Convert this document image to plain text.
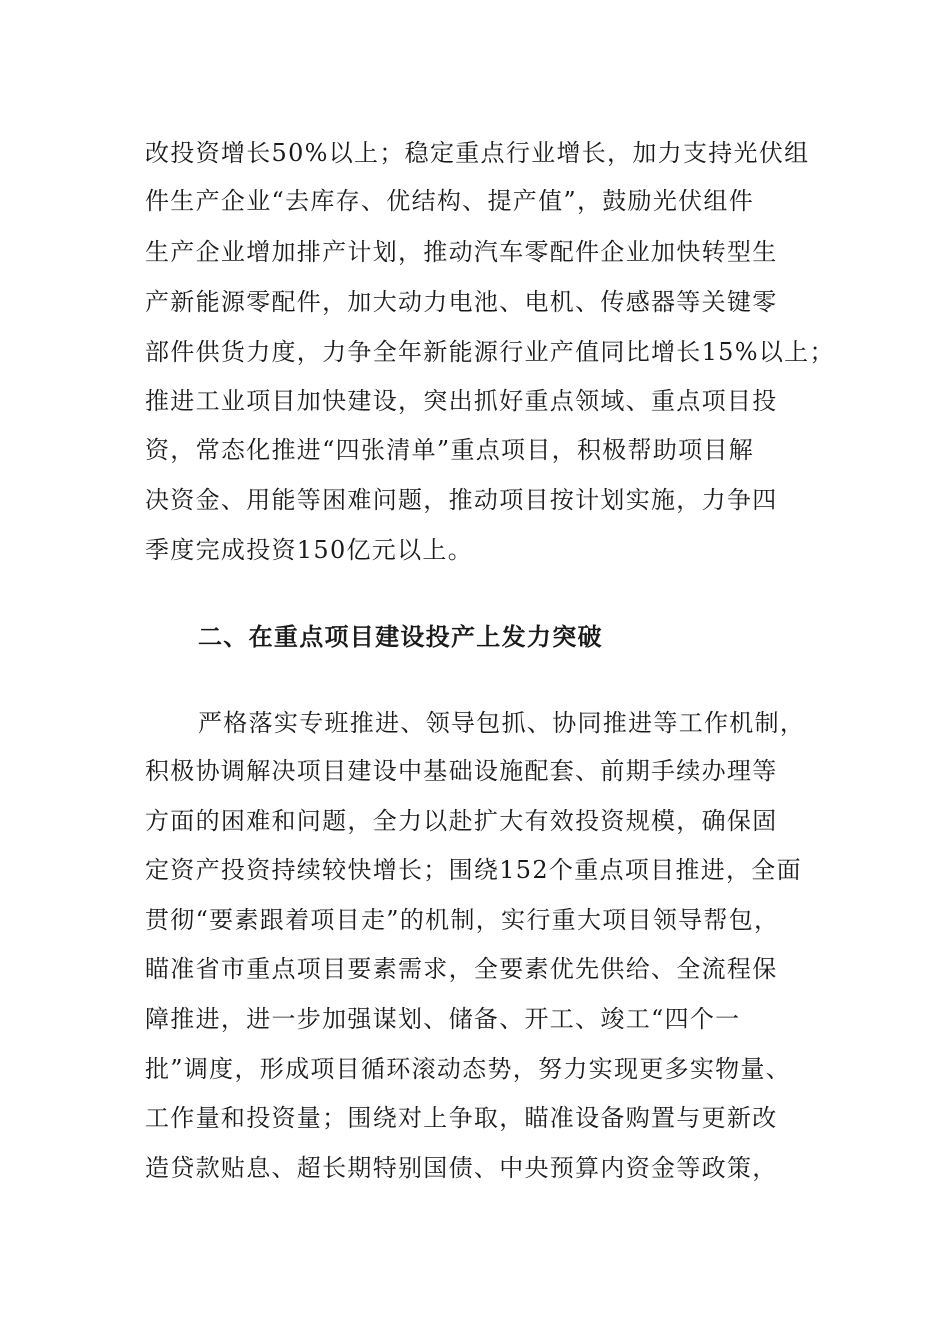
改投资增长50%以上；稳定重点行业增长，加力支持光伏组
件生产企业“去库存、优结构、提产值”，鼓励光伏组件
生产企业增加排产计划，推动汽车零配件企业加快转型生
产新能源零配件，加大动力电池、电机、传感器等关键零
部件供货力度，力争全年新能源行业产值同比增长15%以上；
推进工业项目加快建设，突出抓好重点领域、重点项目投
资，常态化推进“四张清单”重点项目，积极帮助项目解
决资金、用能等困难问题，推动项目按计划实施，力争四
季度完成投资150亿元以上。
二、在重点项目建设投产上发力突破
严格落实专班推进、领导包抓、协同推进等工作机制，
积极协调解决项目建设中基础设施配套、前期手续办理等
方面的困难和问题，全力以赴扩大有效投资规模，确保固
定资产投资持续较快增长；围绕152个重点项目推进，全面
贯彻“要素跟着项目走”的机制，实行重大项目领导帮包，
瞄准省市重点项目要素需求，全要素优先供给、全流程保
障推进，进一步加强谋划、储备、开工、竣工“四个一
批”调度，形成项目循环滚动态势，努力实现更多实物量、
工作量和投资量；围绕对上争取，瞄准设备购置与更新改
造贷款贴息、超长期特别国债、中央预算内资金等政策，
